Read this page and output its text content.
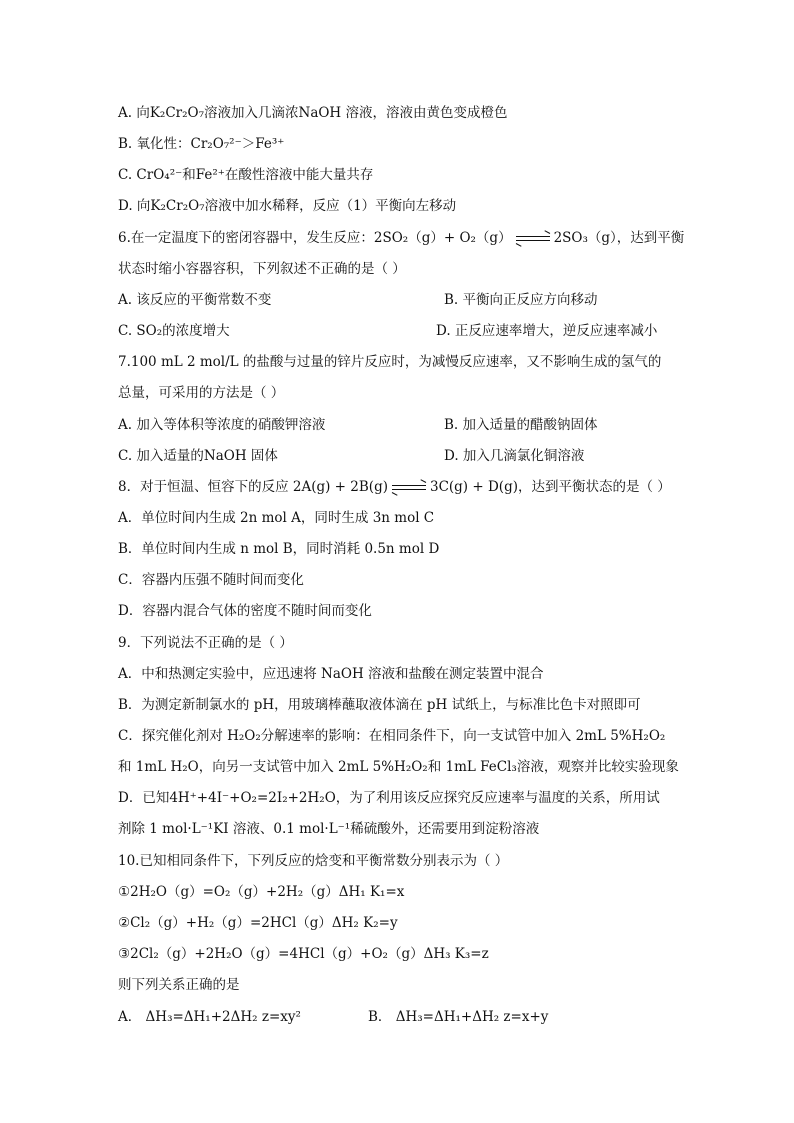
A. 向K₂Cr₂O₇溶液加入几滴浓NaOH 溶液，溶液由黄色变成橙色
B. 氧化性：Cr₂O₇²⁻＞Fe³⁺
C. CrO₄²⁻和Fe²⁺在酸性溶液中能大量共存
D. 向K₂Cr₂O₇溶液中加水稀释，反应（1）平衡向左移动
6.在一定温度下的密闭容器中，发生反应：2SO₂（g）+ O₂（g）	2SO₃（g），达到平衡
状态时缩小容器容积，下列叙述不正确的是（ ）
A. 该反应的平衡常数不变	B. 平衡向正反应方向移动
C. SO₂的浓度增大	D. 正反应速率增大，逆反应速率减小
7.100 mL 2 mol/L 的盐酸与过量的锌片反应时，为减慢反应速率，又不影响生成的氢气的
总量，可采用的方法是（ ）
A. 加入等体积等浓度的硝酸钾溶液	B. 加入适量的醋酸钠固体
C. 加入适量的NaOH 固体	D. 加入几滴氯化铜溶液
8．对于恒温、恒容下的反应 2A(g) + 2B(g)	3C(g) + D(g)，达到平衡状态的是（ ）
A．单位时间内生成 2n mol A，同时生成 3n mol C
B．单位时间内生成 n mol B，同时消耗 0.5n mol D
C．容器内压强不随时间而变化
D．容器内混合气体的密度不随时间而变化
9．下列说法不正确的是（ ）
A．中和热测定实验中，应迅速将 NaOH 溶液和盐酸在测定装置中混合
B．为测定新制氯水的 pH，用玻璃棒蘸取液体滴在 pH 试纸上，与标准比色卡对照即可
C．探究催化剂对 H₂O₂分解速率的影响：在相同条件下，向一支试管中加入 2mL 5%H₂O₂
和 1mL H₂O，向另一支试管中加入 2mL 5%H₂O₂和 1mL FeCl₃溶液，观察并比较实验现象
D．已知4H⁺+4I⁻+O₂=2I₂+2H₂O，为了利用该反应探究反应速率与温度的关系，所用试
剂除 1 mol·L⁻¹KI 溶液、0.1 mol·L⁻¹稀硫酸外，还需要用到淀粉溶液
10.已知相同条件下，下列反应的焓变和平衡常数分别表示为（ ）
①2H₂O（g）=O₂（g）+2H₂（g）ΔH₁ K₁=x
②Cl₂（g）+H₂（g）=2HCl（g）ΔH₂ K₂=y
③2Cl₂（g）+2H₂O（g）=4HCl（g）+O₂（g）ΔH₃ K₃=z
则下列关系正确的是
A． ΔH₃=ΔH₁+2ΔH₂ z=xy²	B． ΔH₃=ΔH₁+ΔH₂ z=x+y
